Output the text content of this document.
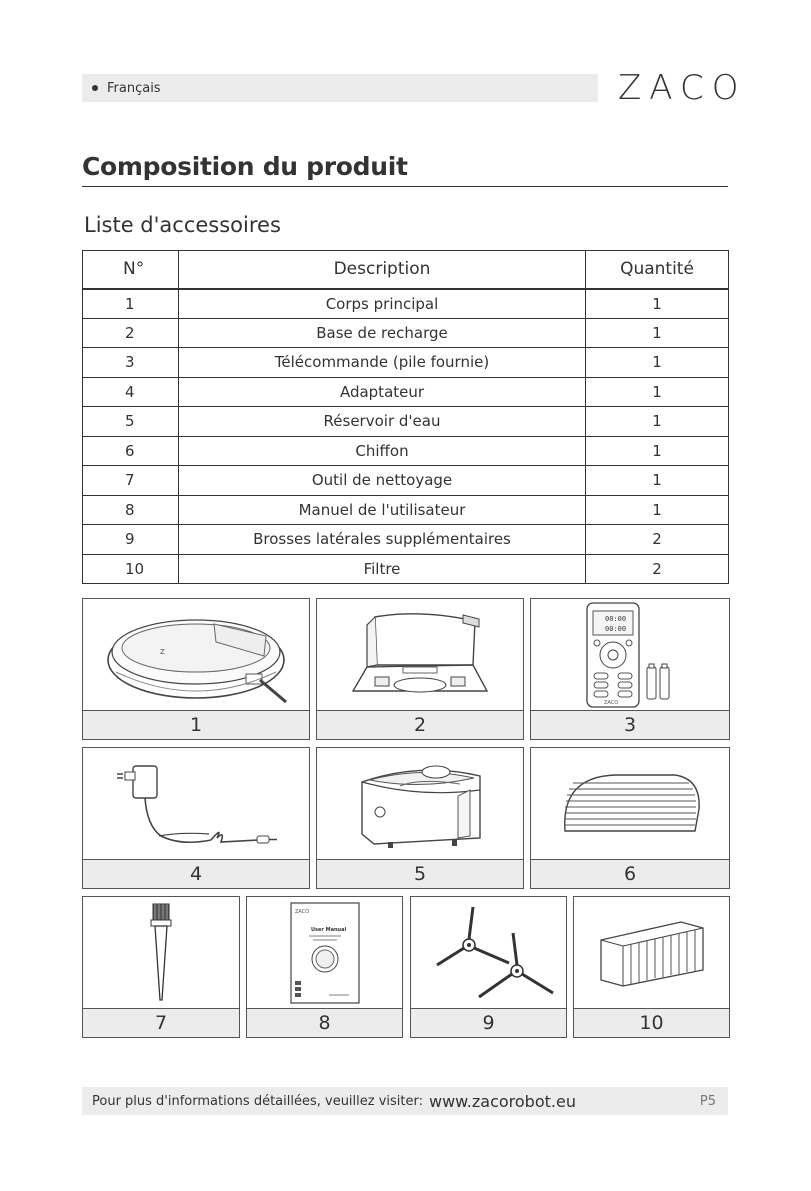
Français	ZACO
Composition du produit
Liste d'accessoires
N°	Description	Quantité
1	Corps principal	1
2	Base de recharge	1
3	Télécommande (pile fournie)	1
4	Adaptateur	1
5	Réservoir d'eau	1
6	Chiffon	1
7	Outil de nettoyage	1
8	Manuel de l'utilisateur	1
9	Brosses latérales supplémentaires	2
10	Filtre	2
Z
1	2
00:00
00:00
ZACO
3
4	5	6
7
ZACO
User Manual
8	9	10
Pour plus d'informations détaillées, veuillez visiter: www.zacorobot.eu	P5
